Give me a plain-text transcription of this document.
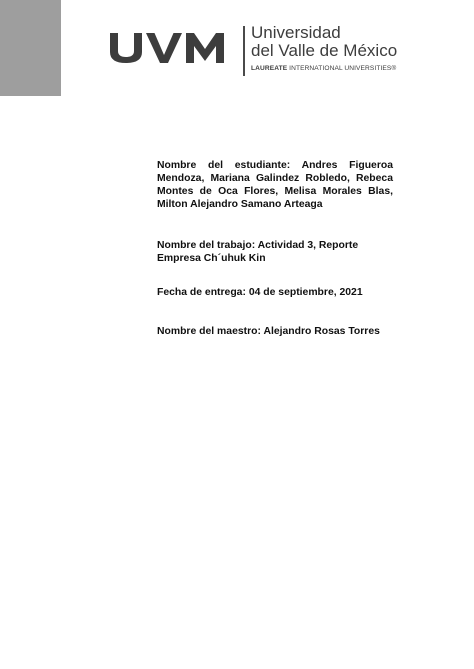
Universidad
del Valle de México
LAUREATE INTERNATIONAL UNIVERSITIES®
Nombre del estudiante: Andres Figueroa Mendoza, Mariana Galindez Robledo, Rebeca Montes de Oca Flores, Melisa Morales Blas, Milton Alejandro Samano Arteaga
Nombre del trabajo: Actividad 3, Reporte Empresa Ch´uhuk Kin
Fecha de entrega: 04 de septiembre, 2021
Nombre del maestro: Alejandro Rosas Torres
